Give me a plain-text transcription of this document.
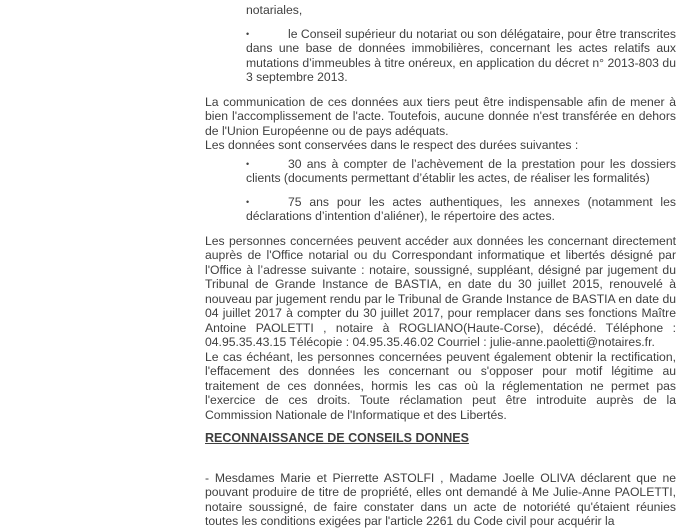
notariales,

•	le Conseil supérieur du notariat ou son délégataire, pour être transcrites dans une base de données immobilières, concernant les actes relatifs aux mutations d’immeubles à titre onéreux, en application du décret n° 2013-803 du 3 septembre 2013.

La communication de ces données aux tiers peut être indispensable afin de mener à bien l'accomplissement de l'acte. Toutefois, aucune donnée n'est transférée en dehors de l'Union Européenne ou de pays adéquats.

Les données sont conservées dans le respect des durées suivantes :

•	30 ans à compter de l’achèvement de la prestation pour les dossiers clients (documents permettant d’établir les actes, de réaliser les formalités)

•	75 ans pour les actes authentiques, les annexes (notamment les déclarations d’intention d’aliéner), le répertoire des actes.

Les personnes concernées peuvent accéder aux données les concernant directement auprès de l'Office notarial ou du Correspondant informatique et libertés désigné par l'Office à l’adresse suivante : notaire, soussigné, suppléant, désigné par jugement du Tribunal de Grande Instance de BASTIA, en date du 30 juillet 2015, renouvelé à nouveau par jugement rendu par le Tribunal de Grande Instance de BASTIA en date du 04 juillet 2017 à compter du 30 juillet 2017, pour remplacer dans ses fonctions Maître Antoine PAOLETTI , notaire à ROGLIANO(Haute-Corse), décédé. Téléphone : 04.95.35.43.15 Télécopie : 04.95.35.46.02 Courriel : julie-anne.paoletti@notaires.fr.

Le cas échéant, les personnes concernées peuvent également obtenir la rectification, l'effacement des données les concernant ou s'opposer pour motif légitime au traitement de ces données, hormis les cas où la réglementation ne permet pas l'exercice de ces droits. Toute réclamation peut être introduite auprès de la Commission Nationale de l'Informatique et des Libertés.

RECONNAISSANCE DE CONSEILS DONNES

- Mesdames Marie et Pierrette ASTOLFI , Madame Joelle OLIVA déclarent que ne pouvant produire de titre de propriété, elles ont demandé à Me Julie-Anne PAOLETTI, notaire soussigné, de faire constater dans un acte de notoriété qu'étaient réunies toutes les conditions exigées par l'article 2261 du Code civil pour acquérir la
